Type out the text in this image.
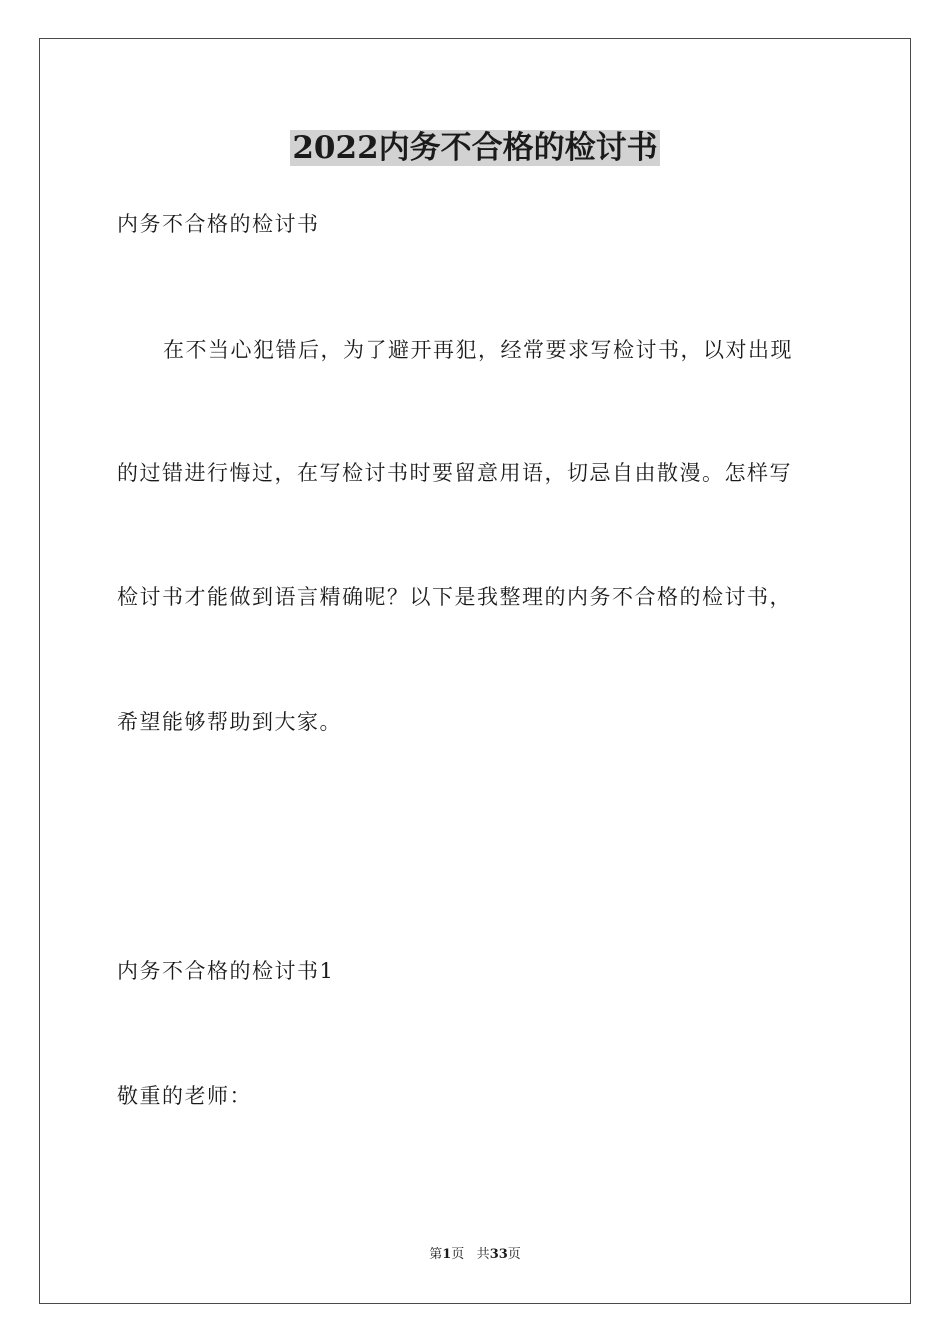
2022内务不合格的检讨书
内务不合格的检讨书
在不当心犯错后，为了避开再犯，经常要求写检讨书，以对出现
的过错进行悔过，在写检讨书时要留意用语，切忌自由散漫。怎样写
检讨书才能做到语言精确呢？以下是我整理的内务不合格的检讨书，
希望能够帮助到大家。
内务不合格的检讨书1
敬重的老师：
第1页 共33页
